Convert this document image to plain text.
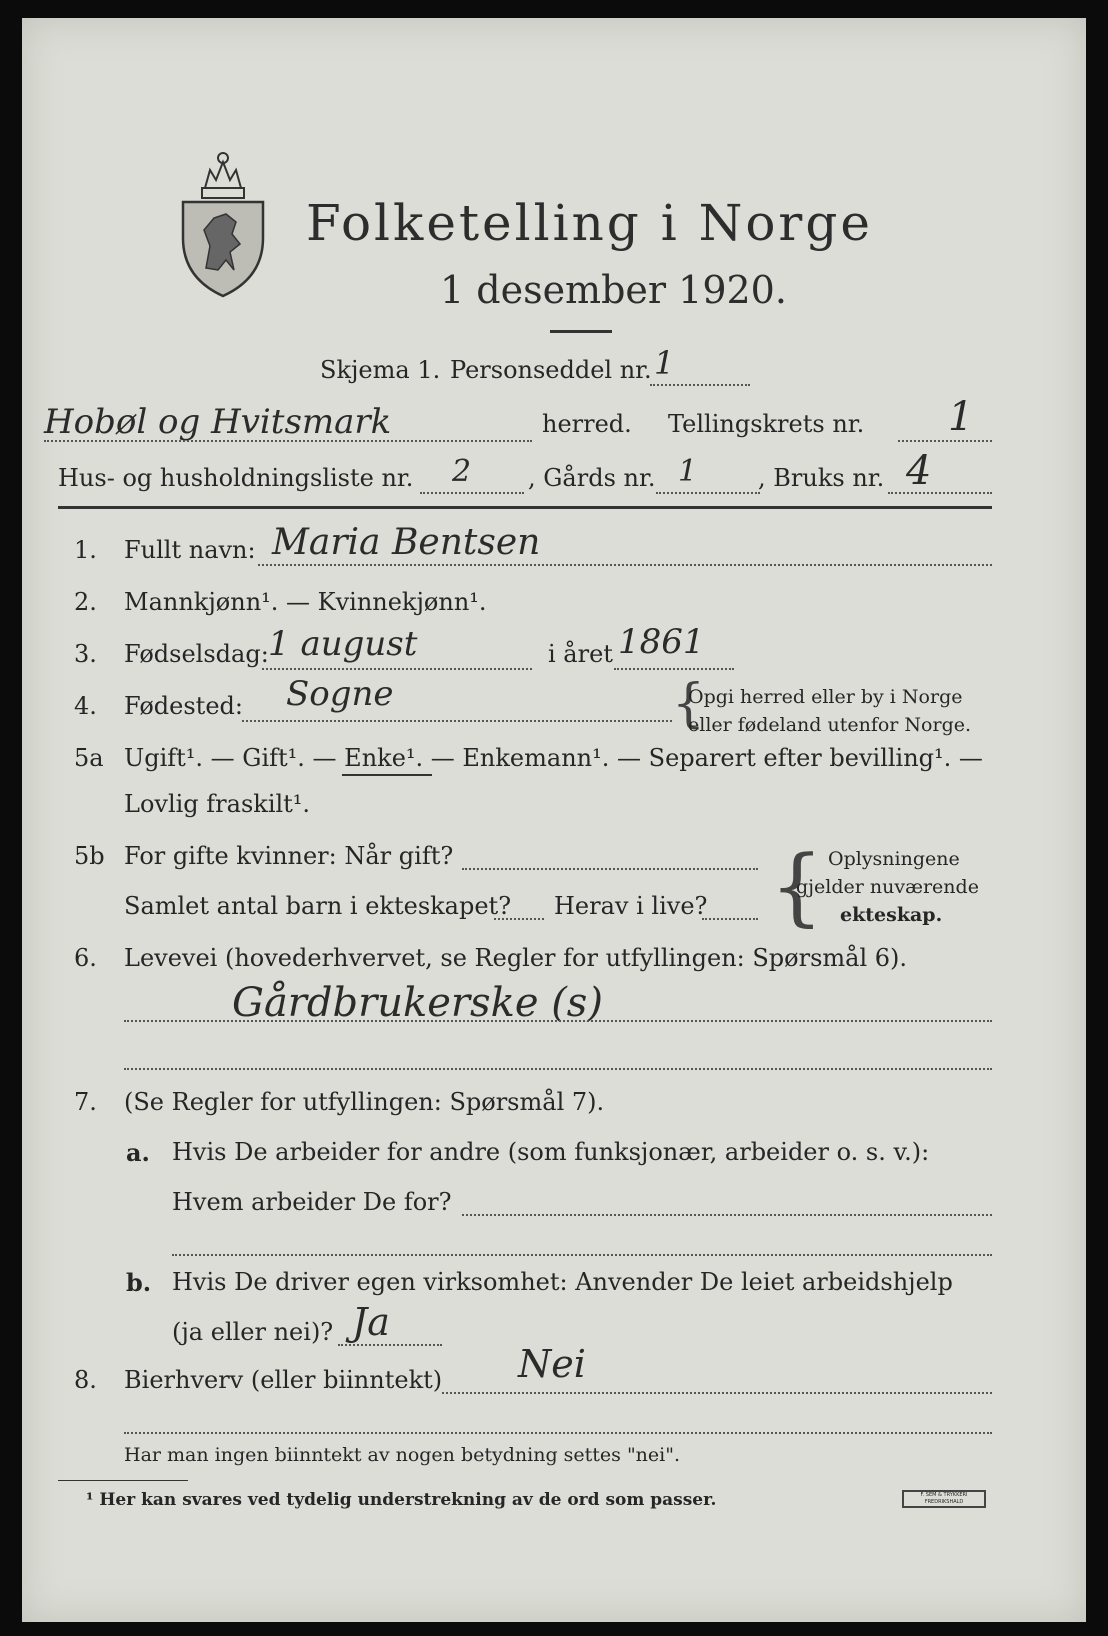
Folketelling i Norge
1 desember 1920.
Skjema 1. Personseddel nr. 1
Hobøl og Hvitsmark	herred. Tellingskrets nr. 1
Hus- og husholdningsliste nr. 2 , Gårds nr. 1	, Bruks nr. 4
1. Fullt navn: Maria Bentsen
2. Mannkjønn¹. — Kvinnekjønn¹.
3. Fødselsdag: 1 august	i året 1861
4. Fødested: Sogne	{
Opgi herred eller by i Norge
eller fødeland utenfor Norge.
5a Ugift¹. — Gift¹. — Enke¹. — Enkemann¹. — Separert efter bevilling¹. —
Lovlig fraskilt¹.
5b For gifte kvinner: Når gift?
Samlet antal barn i ekteskapet? Herav i live? { Oplysningene
gjelder nuværende
ekteskap.
6. Levevei (hovederhvervet, se Regler for utfyllingen: Spørsmål 6).
Gårdbrukerske (s)
7. (Se Regler for utfyllingen: Spørsmål 7).
a. Hvis De arbeider for andre (som funksjonær, arbeider o. s. v.):
Hvem arbeider De for?
b. Hvis De driver egen virksomhet: Anvender De leiet arbeidshjelp
(ja eller nei)? Ja
8. Bierhverv (eller biinntekt) Nei
Har man ingen biinntekt av nogen betydning settes "nei".
¹ Her kan svares ved tydelig understrekning av de ord som passer.	F. SEM & TRYKKERI FREDRIKSHALD
